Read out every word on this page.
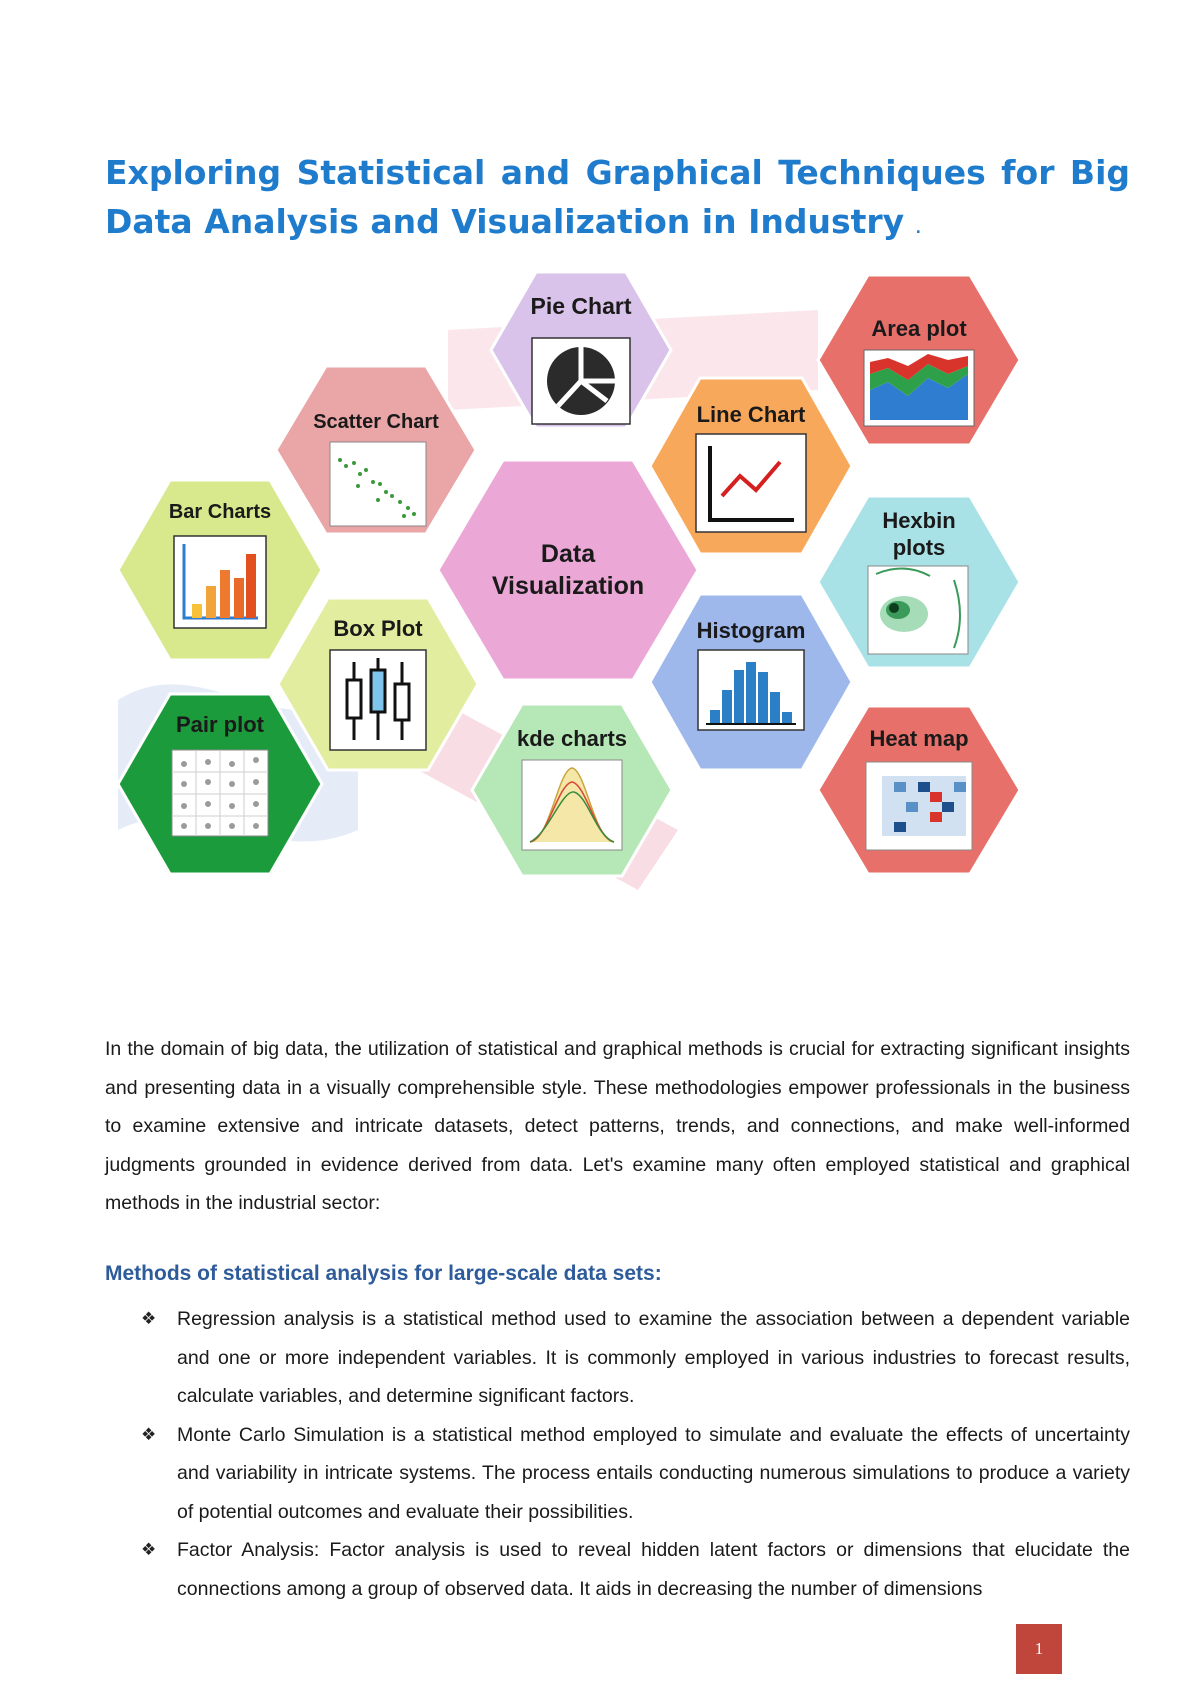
Exploring Statistical and Graphical Techniques for Big Data Analysis and Visualization in Industry .
Pie Chart
Area plot
Scatter Chart	Line Chart
Bar Charts
Data
Visualization
Hexbin
plots
Box Plot	Histogram
Pair plot
kde charts	Heat map

In the domain of big data, the utilization of statistical and graphical methods is crucial for extracting significant insights and presenting data in a visually comprehensible style. These methodologies empower professionals in the business to examine extensive and intricate datasets, detect patterns, trends, and connections, and make well-informed judgments grounded in evidence derived from data. Let's examine many often employed statistical and graphical methods in the industrial sector:

Methods of statistical analysis for large-scale data sets:
❖ Regression analysis is a statistical method used to examine the association between a dependent variable and one or more independent variables. It is commonly employed in various industries to forecast results, calculate variables, and determine significant factors.
❖ Monte Carlo Simulation is a statistical method employed to simulate and evaluate the effects of uncertainty and variability in intricate systems. The process entails conducting numerous simulations to produce a variety of potential outcomes and evaluate their possibilities.
❖ Factor Analysis: Factor analysis is used to reveal hidden latent factors or dimensions that elucidate the connections among a group of observed data. It aids in decreasing the number of dimensions
1
